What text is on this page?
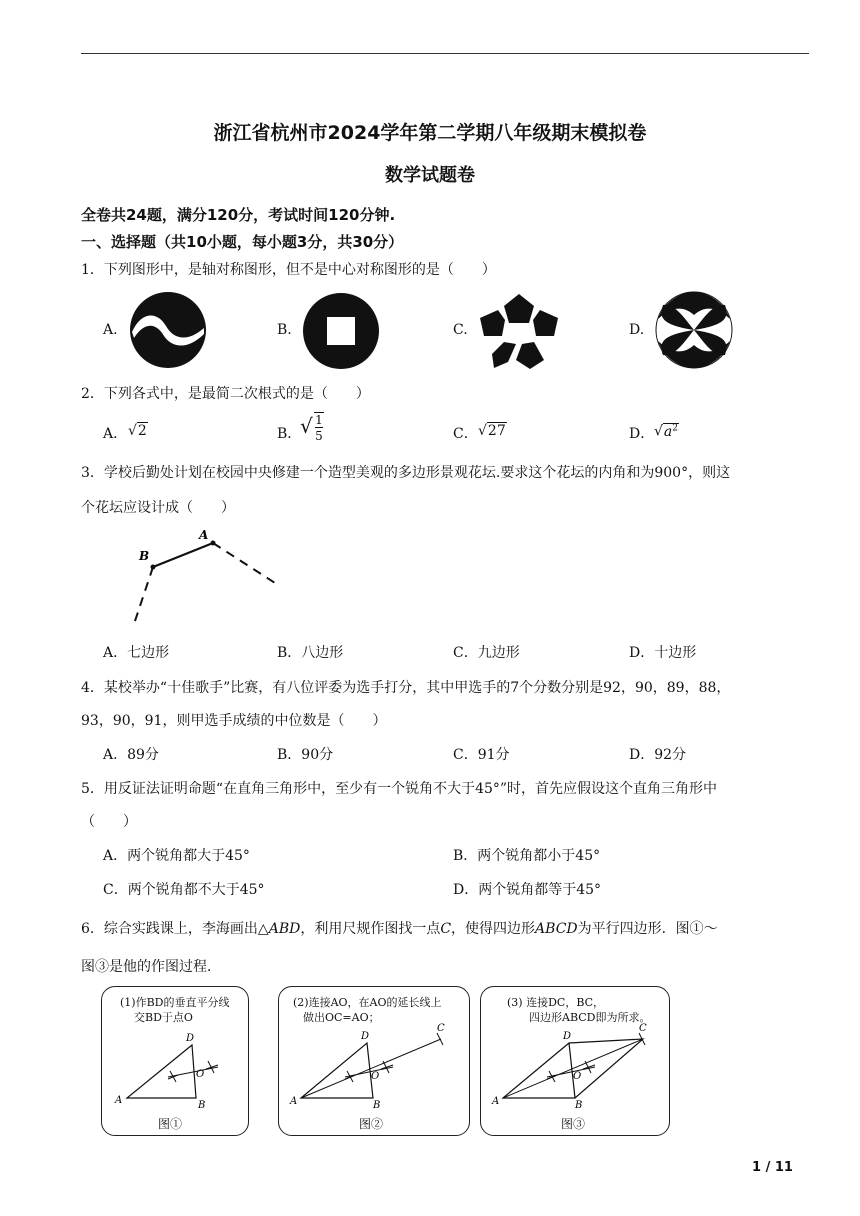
浙江省杭州市2024学年第二学期八年级期末模拟卷
数学试题卷
全卷共24题，满分120分，考试时间120分钟.
一、选择题（共10小题，每小题3分，共30分）
1．下列图形中，是轴对称图形，但不是中心对称图形的是（　　）
A.	B.	C.	D.
2．下列各式中，是最简二次根式的是（　　）
A． √2	B．
√ 1
5	C． √27	D． $√a^2$
3．学校后勤处计划在校园中央修建一个造型美观的多边形景观花坛.要求这个花坛的内角和为900°，则这
个花坛应设计成（　　）
A
B
A．七边形	B．八边形	C．九边形	D．十边形
4．某校举办“十佳歌手”比赛，有八位评委为选手打分，其中甲选手的7个分数分别是92，90，89，88，
93，90，91，则甲选手成绩的中位数是（　　）
A．89分	B．90分	C．91分	D．92分
5．用反证法证明命题“在直角三角形中，至少有一个锐角不大于45°”时，首先应假设这个直角三角形中
（　　）
A．两个锐角都大于45°	B．两个锐角都小于45°
C．两个锐角都不大于45°	D．两个锐角都等于45°
6．综合实践课上，李海画出△ABD，利用尺规作图找一点C，使得四边形ABCD为平行四边形．图①～
图③是他的作图过程．
(1)作BD的垂直平分线
交BD于点O
D
A	B
O
图①
(2)连接AO，在AO的延长线上
做出OC=AO；
D
A	B
O
C
图②
(3) 连接DC，BC，
四边形ABCD即为所求。
D
A	B
O
C
图③
1 / 11
